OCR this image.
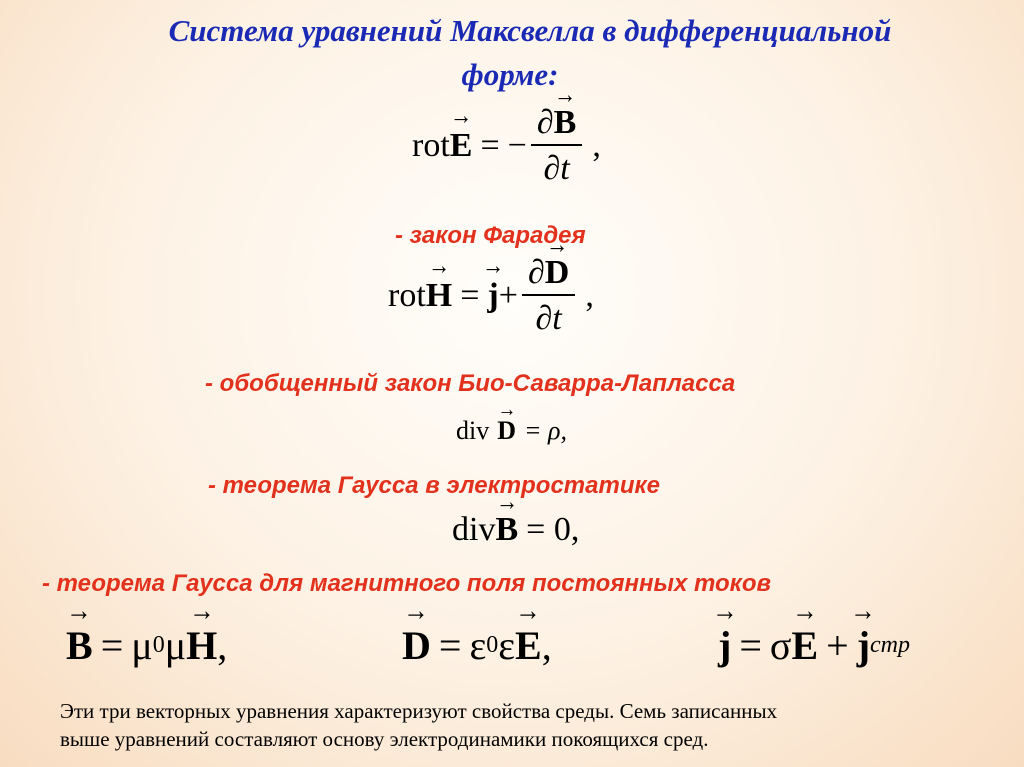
Система уравнений Максвелла в дифференциальной
форме:
rot → E = − $\frac{\partial\to B}{\partial t}$ ,
- закон Фарадея
rot → H = → $j + \frac{\partial\to D}{\partial t}$ ,
- обобщенный закон Био-Саварра-Лапласса
div → D = ρ,
- теорема Гаусса в электростатике
div → B = 0,
- теорема Гаусса для магнитного поля постоянных токов
→ B = μ 0 μ → H ,	→ D = ε 0 ε → E ,	→ j = σ → E + → j стр
Эти три векторных уравнения характеризуют свойства среды. Семь записанных
выше уравнений составляют основу электродинамики покоящихся сред.
